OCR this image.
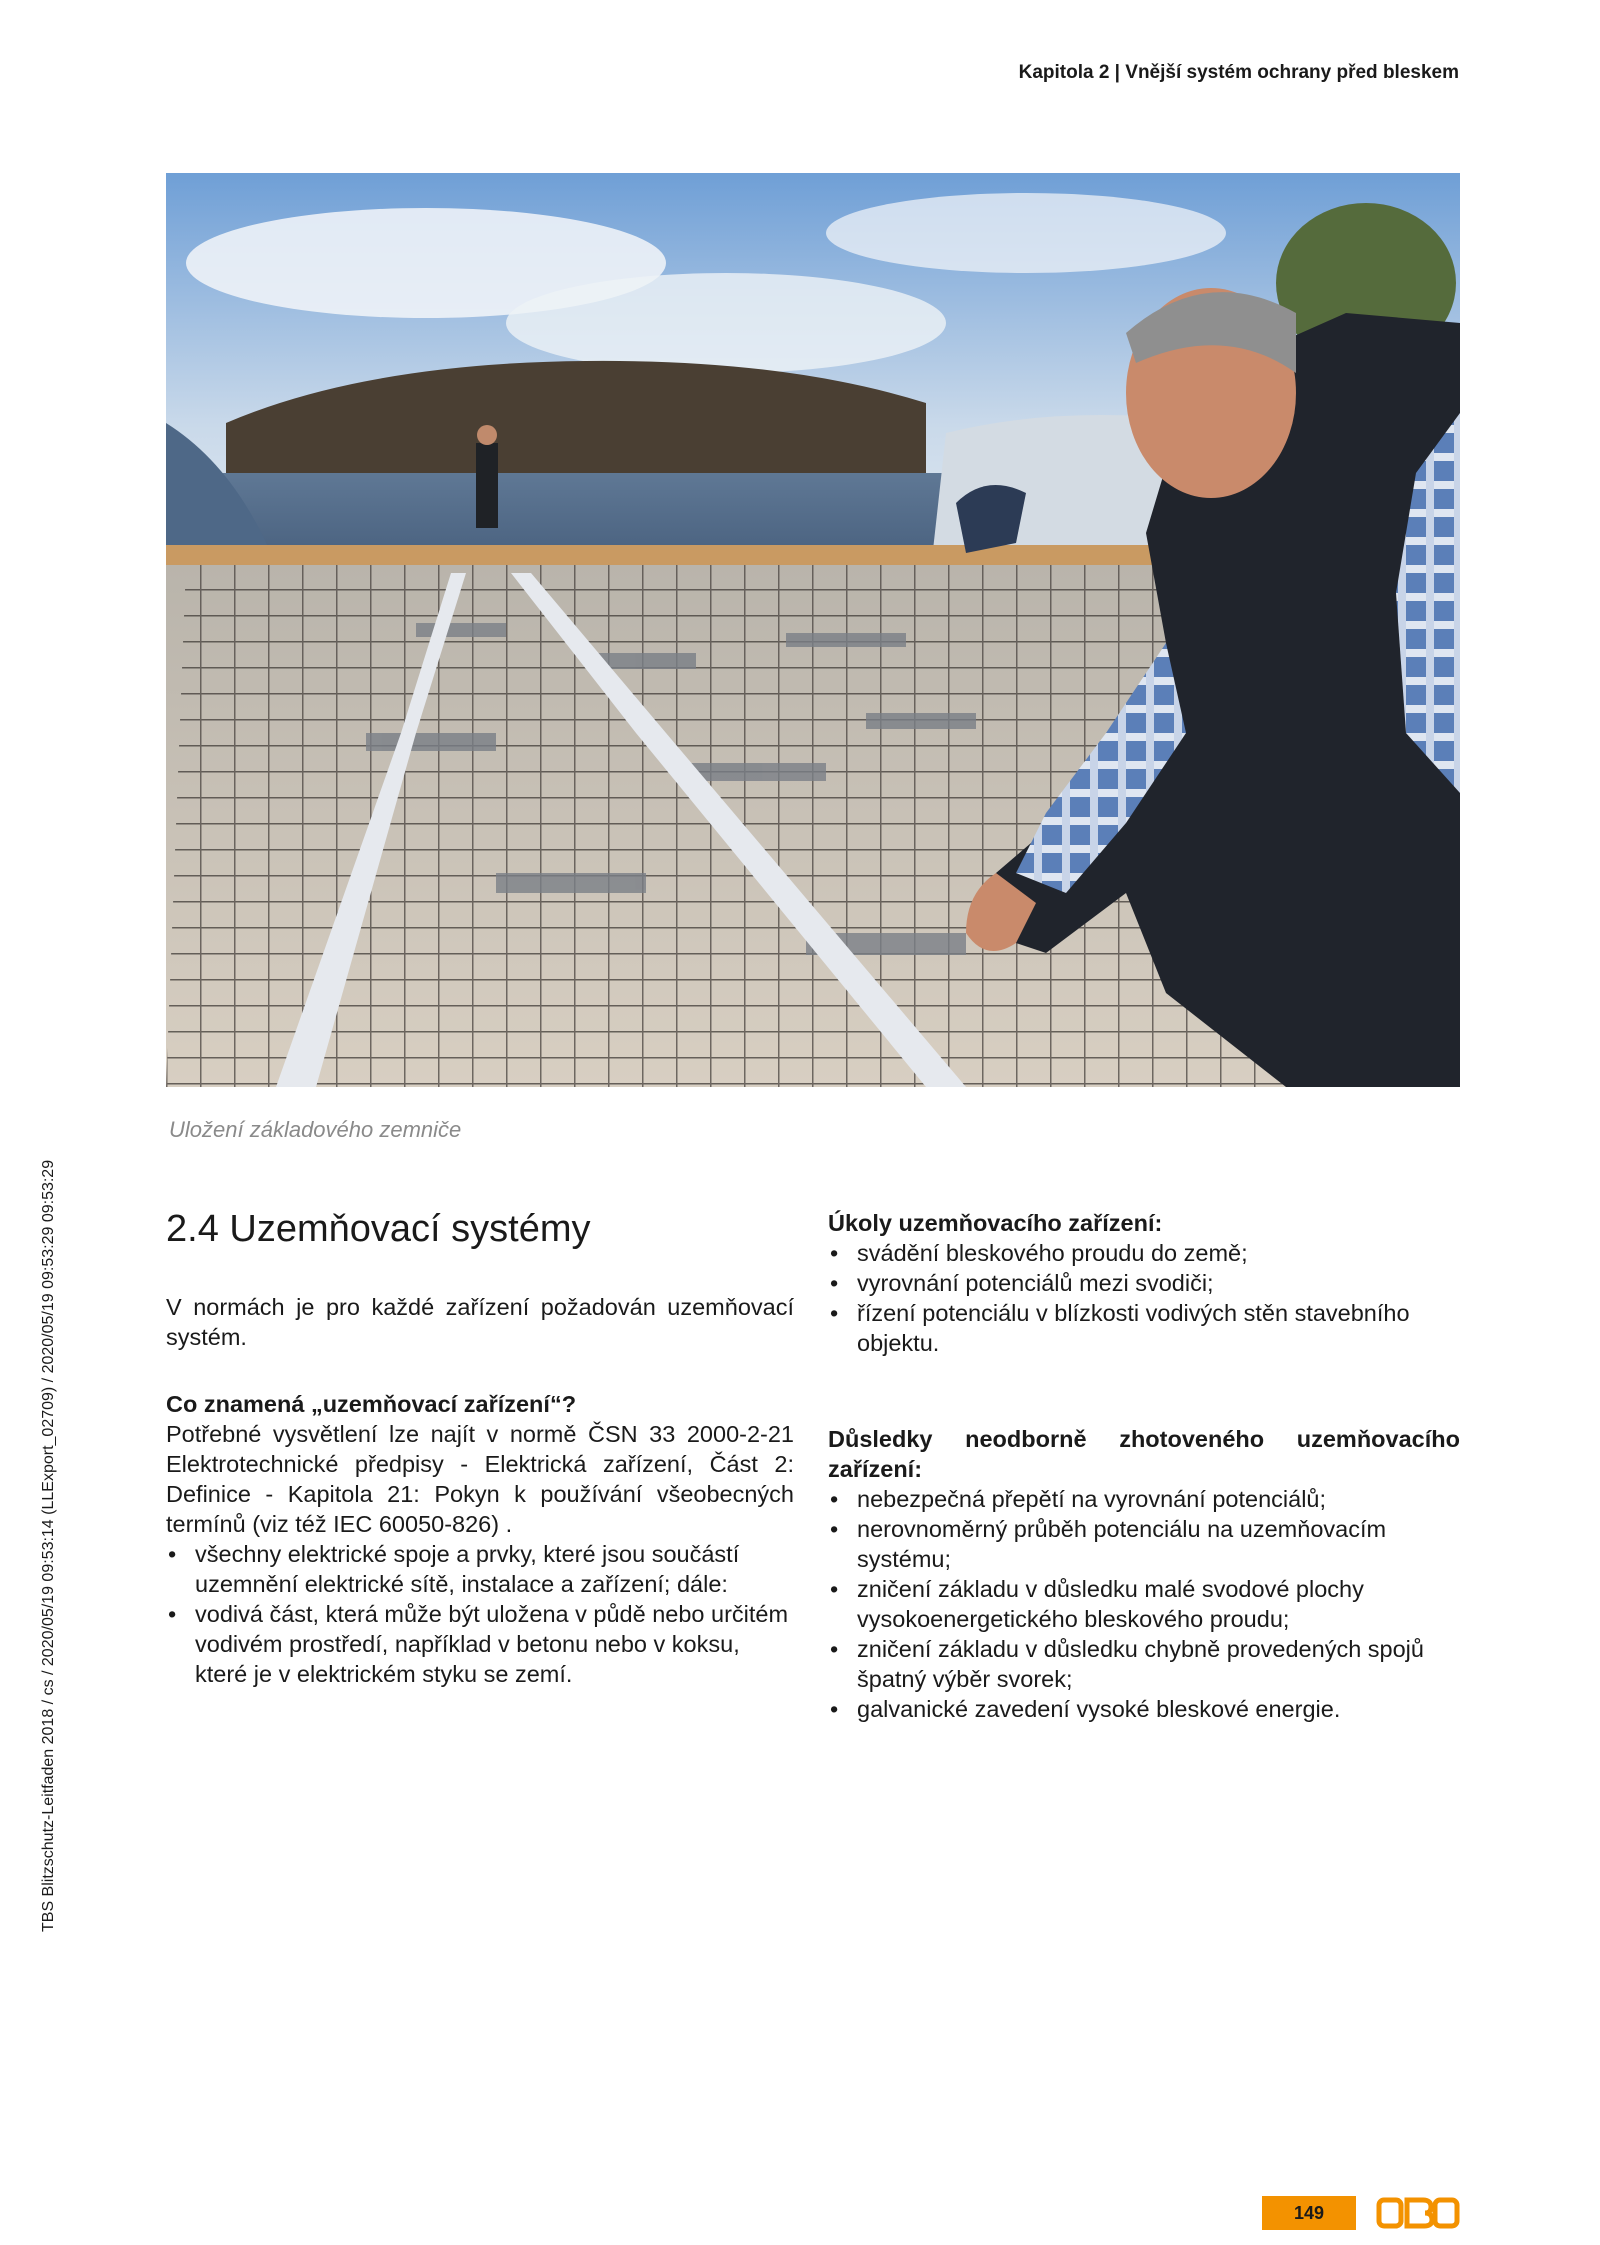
Kapitola 2 | Vnější systém ochrany před bleskem
Uložení základového zemniče
TBS Blitzschutz-Leitfaden 2018 / cs / 2020/05/19 09:53:14 (LLExport_02709) / 2020/05/19 09:53:29 09:53:29	2.4 Uzemňovací systémy

V normách je pro každé zařízení požadován uzemňovací systém.

Co znamená „uzemňovací zařízení“?

Potřebné vysvětlení lze najít v normě ČSN 33 2000-2-21 Elektrotechnické předpisy - Elektrická zařízení, Část 2: Definice - Kapitola 21: Pokyn k používání všeobecných termínů (viz též IEC 60050-826) .

• všechny elektrické spoje a prvky, které jsou součástí uzemnění elektrické sítě, instalace a zařízení; dále:
• vodivá část, která může být uložena v půdě nebo určitém vodivém prostředí, například v betonu nebo v koksu, které je v elektrickém styku se zemí.

Úkoly uzemňovacího zařízení:

• svádění bleskového proudu do země;
• vyrovnání potenciálů mezi svodiči;
• řízení potenciálu v blízkosti vodivých stěn stavebního objektu.

Důsledky neodborně zhotoveného uzemňovacího zařízení:

• nebezpečná přepětí na vyrovnání potenciálů;
• nerovnoměrný průběh potenciálu na uzemňovacím systému;
• zničení základu v důsledku malé svodové plochy vysokoenergetického bleskového proudu;
• zničení základu v důsledku chybně provedených spojů špatný výběr svorek;
• galvanické zavedení vysoké bleskové energie.
149
